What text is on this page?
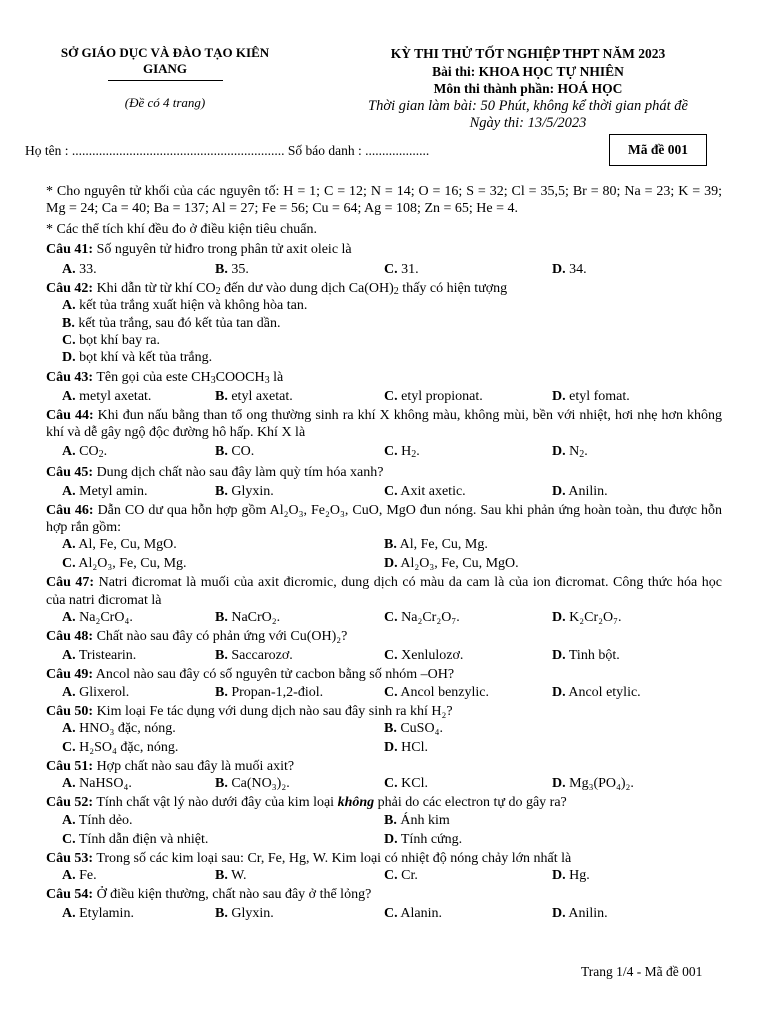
SỞ GIÁO DỤC VÀ ĐÀO TẠO KIÊN
GIANG
(Đề có 4 trang)
KỲ THI THỬ TỐT NGHIỆP THPT NĂM 2023
Bài thi: KHOA HỌC TỰ NHIÊN
Môn thi thành phần: HOÁ HỌC
Thời gian làm bài: 50 Phút, không kể thời gian phát đề
Ngày thi: 13/5/2023
Họ tên : ............................................................... Số báo danh : ...................	Mã đề 001

* Cho nguyên tử khối của các nguyên tố: H = 1; C = 12; N = 14; O = 16; S = 32; Cl = 35,5; Br = 80; Na = 23; K = 39; Mg = 24; Ca = 40; Ba = 137; Al = 27; Fe = 56; Cu = 64; Ag = 108; Zn = 65; He = 4.

* Các thể tích khí đều đo ở điều kiện tiêu chuẩn.

Câu 41: Số nguyên tử hiđro trong phân tử axit oleic là

A. 33.	B. 35.	C. 31.	D. 34.

Câu 42: Khi dẫn từ từ khí $CO_2$ đến dư vào dung dịch $Ca(OH)_2$ thấy có hiện tượng

A. kết tủa trắng xuất hiện và không hòa tan.

B. kết tủa trắng, sau đó kết tủa tan dần.

C. bọt khí bay ra.

D. bọt khí và kết tủa trắng.

Câu 43: Tên gọi của este $CH_3COOCH_3$ là

A. metyl axetat.	B. etyl axetat.	C. etyl propionat.	D. etyl fomat.

Câu 44: Khi đun nấu bằng than tổ ong thường sinh ra khí X không màu, không mùi, bền với nhiệt, hơi nhẹ hơn không khí và dễ gây ngộ độc đường hô hấp. Khí X là

A. $CO_2$.	B. CO.	C. $H_2$.	D. $N_2$.

Câu 45: Dung dịch chất nào sau đây làm quỳ tím hóa xanh?

A. Metyl amin.	B. Glyxin.	C. Axit axetic.	D. Anilin.

Câu 46: Dẫn CO dư qua hỗn hợp gồm Al₂O₃, Fe₂O₃, CuO, MgO đun nóng. Sau khi phản ứng hoàn toàn, thu được hỗn hợp rắn gồm:

A. Al, Fe, Cu, MgO.	B. Al, Fe, Cu, Mg.
C. Al₂O₃, Fe, Cu, Mg.	D. Al₂O₃, Fe, Cu, MgO.

Câu 47: Natri đicromat là muối của axit đicromic, dung dịch có màu da cam là của ion đicromat. Công thức hóa học của natri đicromat là

A. Na₂CrO₄.	B. NaCrO₂.	C. Na₂Cr₂O₇.	D. K₂Cr₂O₇.

Câu 48: Chất nào sau đây có phản ứng với Cu(OH)₂?

A. Tristearin.	B. Saccarozơ.	C. Xenlulozơ.	D. Tinh bột.

Câu 49: Ancol nào sau đây có số nguyên tử cacbon bằng số nhóm –OH?

A. Glixerol.	B. Propan-1,2-điol.	C. Ancol benzylic.	D. Ancol etylic.

Câu 50: Kim loại Fe tác dụng với dung dịch nào sau đây sinh ra khí H₂?

A. HNO₃ đặc, nóng.	B. CuSO₄.
C. H₂SO₄ đặc, nóng.	D. HCl.

Câu 51: Hợp chất nào sau đây là muối axit?

A. NaHSO₄.	B. Ca(NO₃)₂.	C. KCl.	D. Mg₃(PO₄)₂.

Câu 52: Tính chất vật lý nào dưới đây của kim loại không phải do các electron tự do gây ra?

A. Tính dẻo.	B. Ánh kim
C. Tính dẫn điện và nhiệt.	D. Tính cứng.

Câu 53: Trong số các kim loại sau: Cr, Fe, Hg, W. Kim loại có nhiệt độ nóng chảy lớn nhất là

A. Fe.	B. W.	C. Cr.	D. Hg.

Câu 54: Ở điều kiện thường, chất nào sau đây ở thể lỏng?

A. Etylamin.	B. Glyxin.	C. Alanin.	D. Anilin.
Trang 1/4 - Mã đề 001
